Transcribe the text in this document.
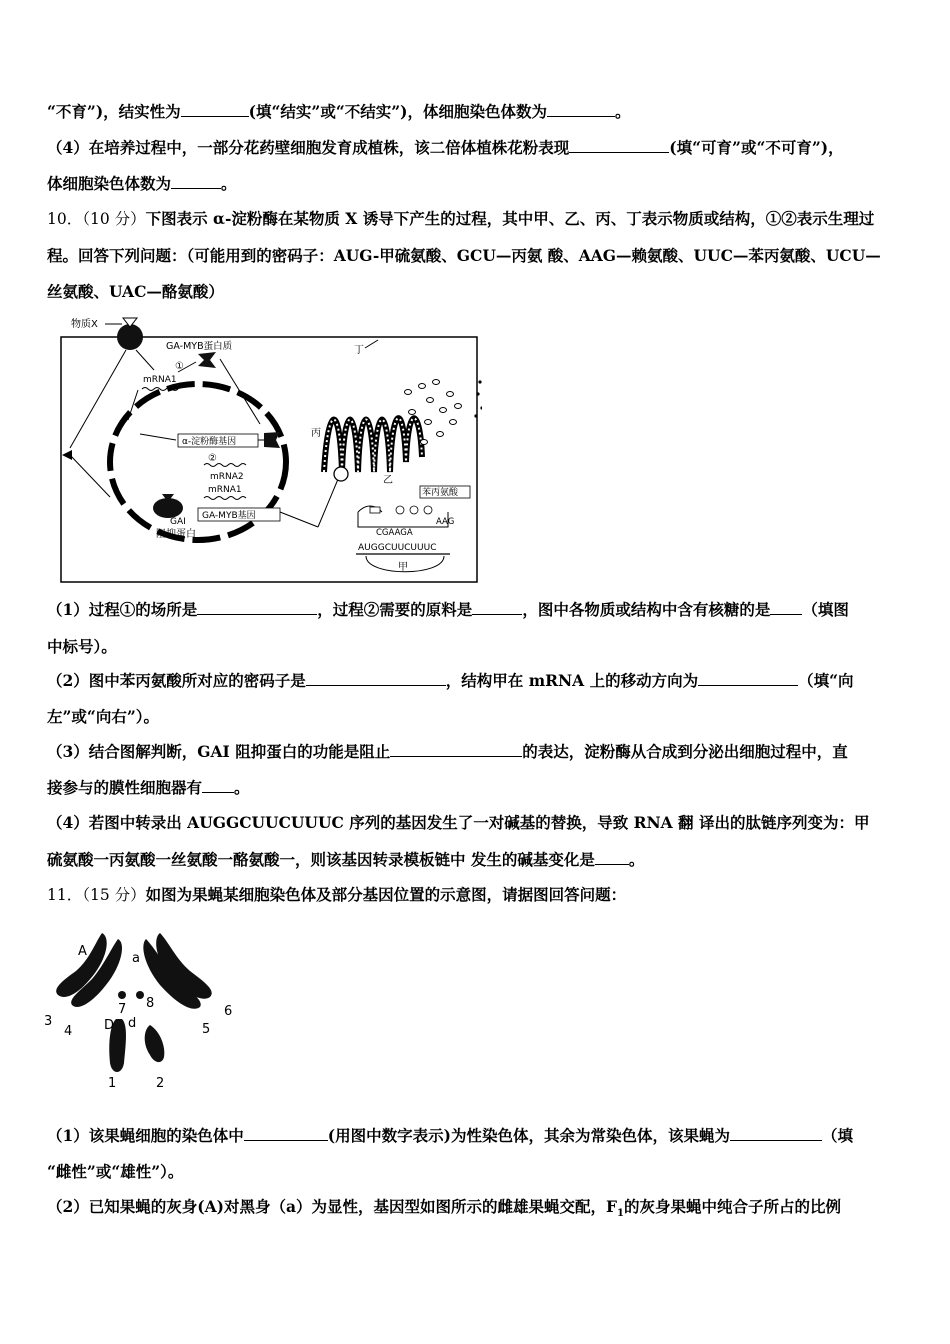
“不育”)，结实性为	(填“结实”或“不结实”)，体细胞染色体数为	。
（4）在培养过程中，一部分花药壁细胞发育成植株，该二倍体植株花粉表现	(填“可育”或“不可育”)，
体细胞染色体数为	。
10．（10 分）下图表示 α-淀粉酶在某物质 X 诱导下产生的过程，其中甲、乙、丙、丁表示物质或结构，①②表示生理过
程。回答下列问题：（可能用到的密码子：AUG-甲硫氨酸、GCU—丙氨 酸、AAG—赖氨酸、UUC—苯丙氨酸、UCU—
丝氨酸、UAC—酪氨酸）
物质X
GA-MYB蛋白质
①
mRNA1
丁
α-淀粉酶基因
②
mRNA2
mRNA1
GAI
GA-MYB基因
阻抑蛋白
丙
乙
苯丙氨酸
AAG
CGAAGA
AUGGCUUCUUUC
甲
（1）过程①的场所是	，过程②需要的原料是	，图中各物质或结构中含有核糖的是 （填图
中标号）。
（2）图中苯丙氨酸所对应的密码子是	，结构甲在 mRNA 上的移动方向为	（填“向
左”或“向右”）。
（3）结合图解判断，GAI 阻抑蛋白的功能是阻止	的表达，淀粉酶从合成到分泌出细胞过程中，直
接参与的膜性细胞器有 。
（4）若图中转录出 AUGGCUUCUUUC 序列的基因发生了一对碱基的替换，导致 RNA 翻 译出的肽链序列变为：甲
硫氨酸一丙氨酸一丝氨酸一酪氨酸一，则该基因转录模板链中 发生的碱基变化是 。
11．（15 分）如图为果蝇某细胞染色体及部分基因位置的示意图，请据图回答问题：
A	a
3
4
7 8
5
6
D d
1	2
（1）该果蝇细胞的染色体中	(用图中数字表示)为性染色体，其余为常染色体，该果蝇为	（填
“雌性”或“雄性”）。
（2）已知果蝇的灰身(A)对黑身（a）为显性，基因型如图所示的雌雄果蝇交配，$F_1$的灰身果蝇中纯合子所占的比例
